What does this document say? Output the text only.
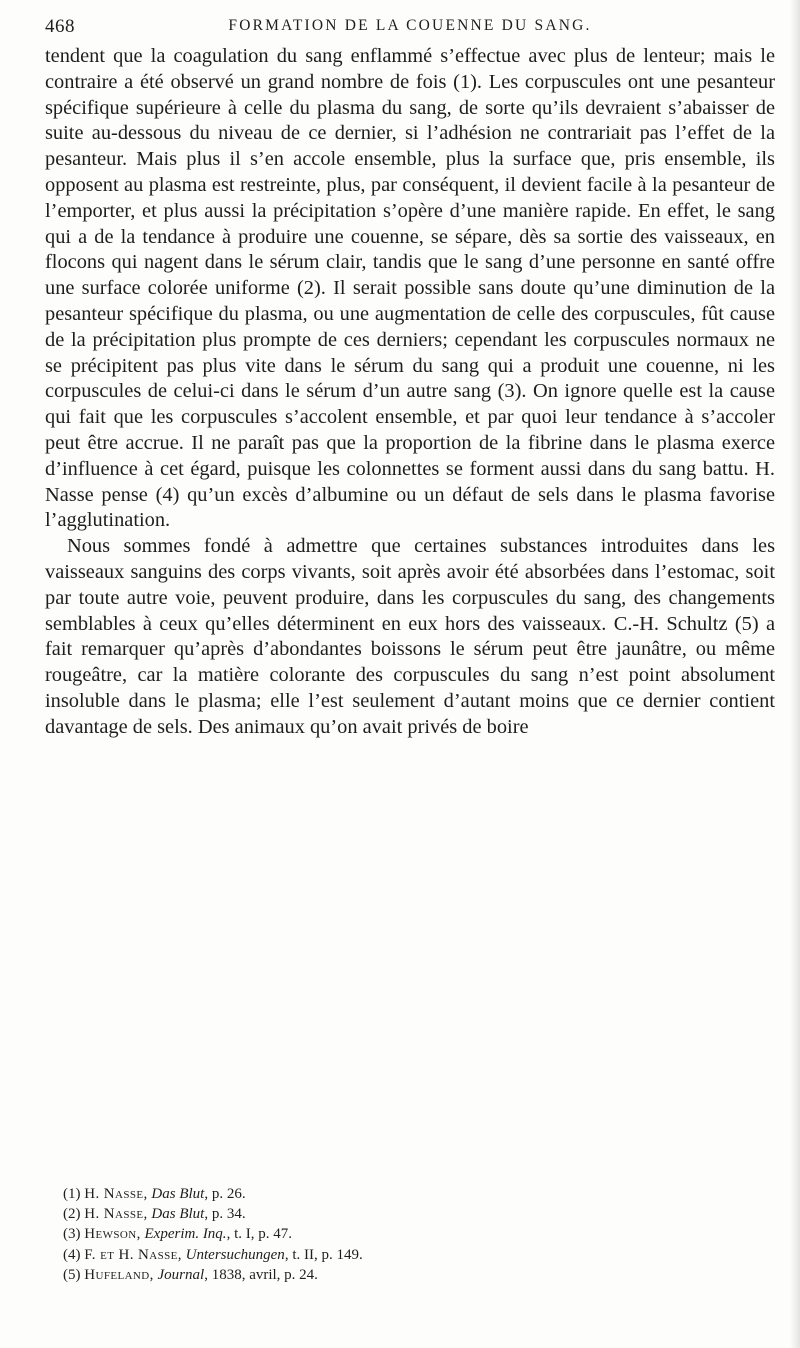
468	FORMATION DE LA COUENNE DU SANG.

tendent que la coagulation du sang enflammé s’effectue avec plus de lenteur; mais le contraire a été observé un grand nombre de fois (1). Les corpuscules ont une pesanteur spécifique supérieure à celle du plasma du sang, de sorte qu’ils devraient s’abaisser de suite au-dessous du niveau de ce dernier, si l’adhésion ne contrariait pas l’effet de la pesanteur. Mais plus il s’en accole ensemble, plus la surface que, pris ensemble, ils opposent au plasma est restreinte, plus, par conséquent, il devient facile à la pesanteur de l’emporter, et plus aussi la précipitation s’opère d’une manière rapide. En effet, le sang qui a de la tendance à produire une couenne, se sépare, dès sa sortie des vaisseaux, en flocons qui nagent dans le sérum clair, tandis que le sang d’une personne en santé offre une surface colorée uniforme (2). Il serait possible sans doute qu’une diminution de la pesanteur spécifique du plasma, ou une augmentation de celle des corpuscules, fût cause de la précipitation plus prompte de ces derniers; cependant les corpuscules normaux ne se précipitent pas plus vite dans le sérum du sang qui a produit une couenne, ni les corpuscules de celui-ci dans le sérum d’un autre sang (3). On ignore quelle est la cause qui fait que les corpuscules s’accolent ensemble, et par quoi leur tendance à s’accoler peut être accrue. Il ne paraît pas que la proportion de la fibrine dans le plasma exerce d’influence à cet égard, puisque les colonnettes se forment aussi dans du sang battu. H. Nasse pense (4) qu’un excès d’albumine ou un défaut de sels dans le plasma favorise l’agglutination.

Nous sommes fondé à admettre que certaines substances introduites dans les vaisseaux sanguins des corps vivants, soit après avoir été absorbées dans l’estomac, soit par toute autre voie, peuvent produire, dans les corpuscules du sang, des changements semblables à ceux qu’elles déterminent en eux hors des vaisseaux. C.-H. Schultz (5) a fait remarquer qu’après d’abondantes boissons le sérum peut être jaunâtre, ou même rougeâtre, car la matière colorante des corpuscules du sang n’est point absolument insoluble dans le plasma; elle l’est seulement d’autant moins que ce dernier contient davantage de sels. Des animaux qu’on avait privés de boire

(1) H. Nasse, Das Blut, p. 26.
(2) H. Nasse, Das Blut, p. 34.
(3) Hewson, Experim. Inq., t. I, p. 47.
(4) F. et H. Nasse, Untersuchungen, t. II, p. 149.
(5) Hufeland, Journal, 1838, avril, p. 24.
